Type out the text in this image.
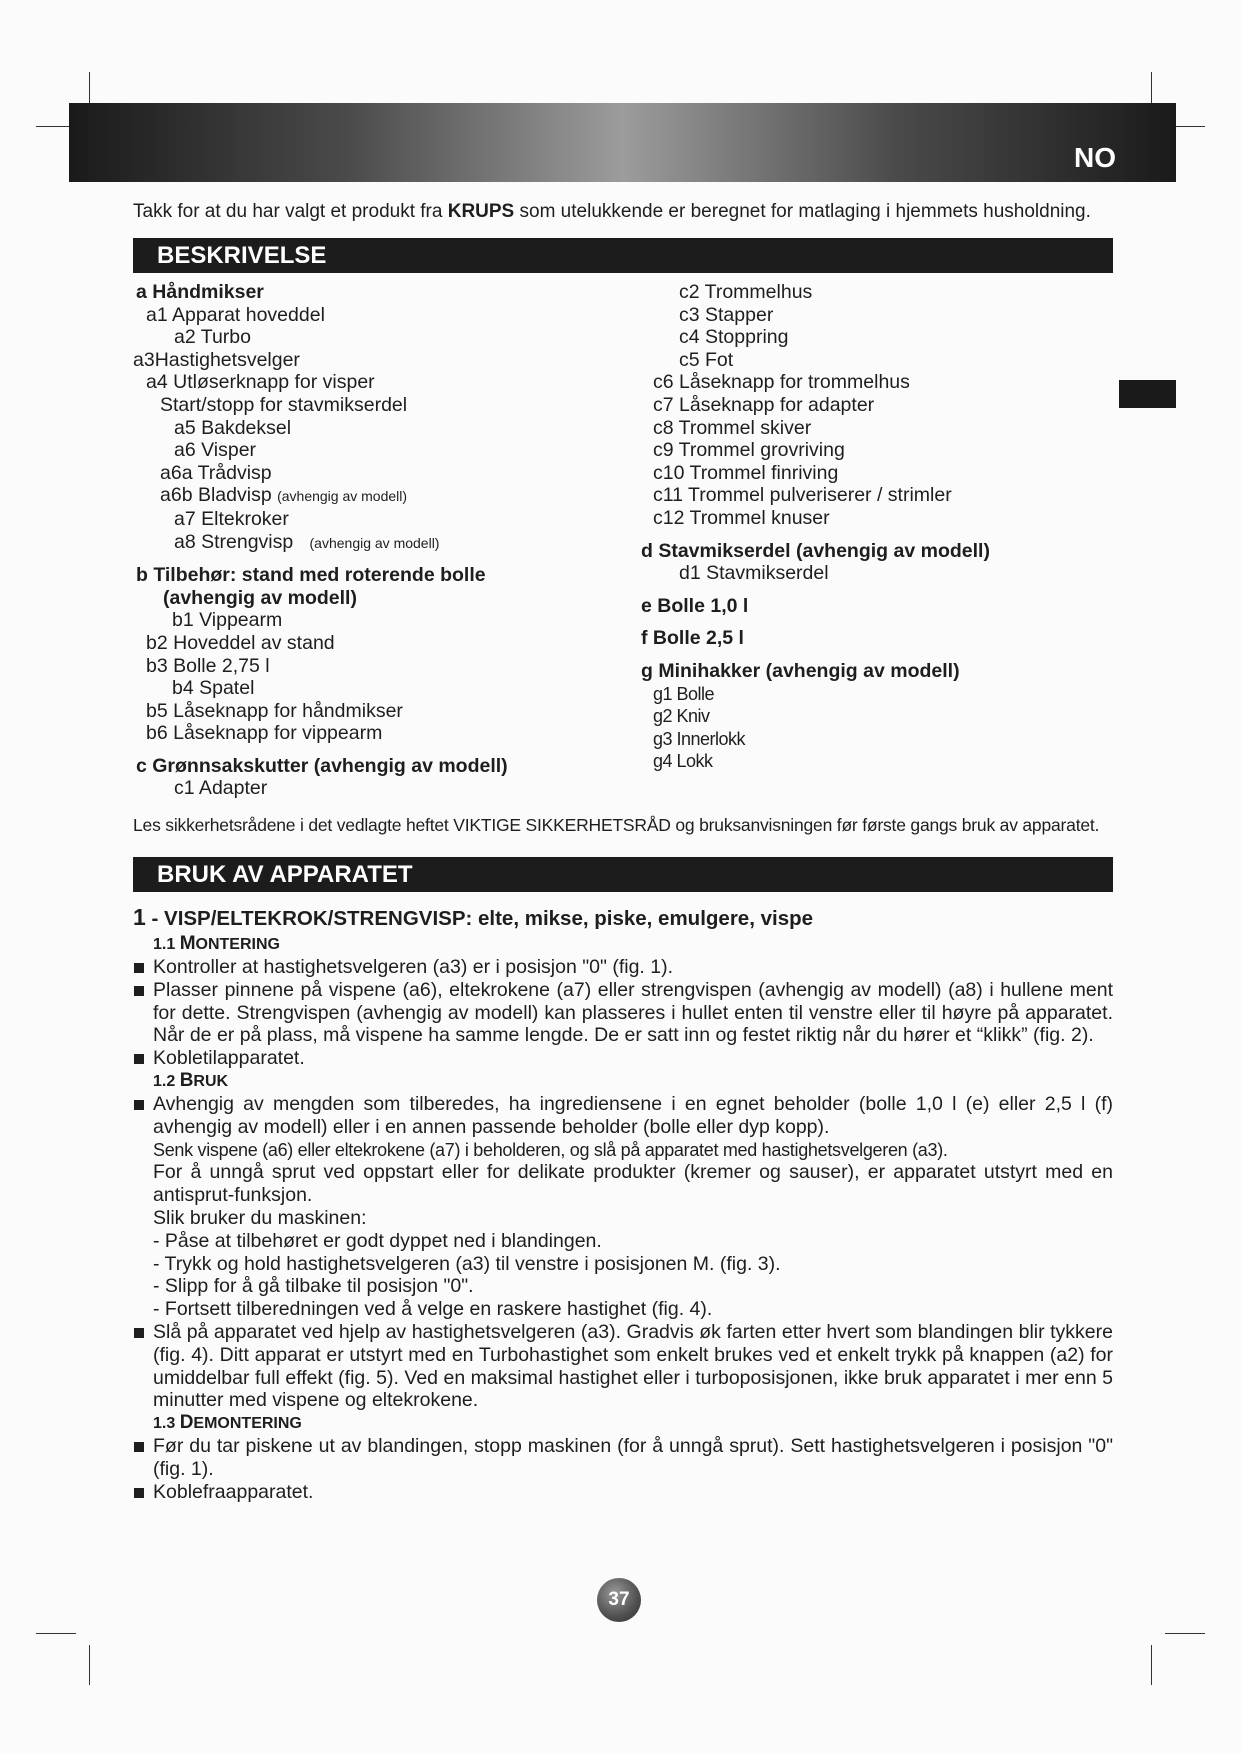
NO

Takk for at du har valgt et produkt fra KRUPS som utelukkende er beregnet for matlaging i hjemmets husholdning.

BESKRIVELSE
a Håndmikser
a1 Apparat hoveddel
a2 Turbo
a3Hastighetsvelger
a4 Utløserknapp for visper
Start/stopp for stavmikserdel
a5 Bakdeksel
a6 Visper
a6a Trådvisp
a6b Bladvisp (avhengig av modell)
a7 Eltekroker
a8 Strengvisp (avhengig av modell)
b Tilbehør: stand med roterende bolle
(avhengig av modell)
b1 Vippearm
b2 Hoveddel av stand
b3 Bolle 2,75 l
b4 Spatel
b5 Låseknapp for håndmikser
b6 Låseknapp for vippearm
c Grønnsakskutter (avhengig av modell)
c1 Adapter
c2 Trommelhus
c3 Stapper
c4 Stoppring
c5 Fot
c6 Låseknapp for trommelhus
c7 Låseknapp for adapter
c8 Trommel skiver
c9 Trommel grovriving
c10 Trommel finriving
c11 Trommel pulveriserer / strimler
c12 Trommel knuser
d Stavmikserdel (avhengig av modell)
d1 Stavmikserdel
e Bolle 1,0 l
f Bolle 2,5 l
g Minihakker (avhengig av modell)
g1 Bolle
g2 Kniv
g3 Innerlokk
g4 Lokk

Les sikkerhetsrådene i det vedlagte heftet VIKTIGE SIKKERHETSRÅD og bruksanvisningen før første gangs bruk av apparatet.

BRUK AV APPARATET
1 - VISP/ELTEKROK/STRENGVISP: elte, mikse, piske, emulgere, vispe
1.1 MONTERING
Kontroller at hastighetsvelgeren (a3) er i posisjon "0" (fig. 1).
Plasser pinnene på vispene (a6), eltekrokene (a7) eller strengvispen (avhengig av modell) (a8) i hullene ment for dette. Strengvispen (avhengig av modell) kan plasseres i hullet enten til venstre eller til høyre på apparatet. Når de er på plass, må vispene ha samme lengde. De er satt inn og festet riktig når du hører et “klikk” (fig. 2).
Kobletilapparatet.
1.2 BRUK
Avhengig av mengden som tilberedes, ha ingrediensene i en egnet beholder (bolle 1,0 l (e) eller 2,5 l (f) avhengig av modell) eller i en annen passende beholder (bolle eller dyp kopp).
Senk vispene (a6) eller eltekrokene (a7) i beholderen, og slå på apparatet med hastighetsvelgeren (a3).
For å unngå sprut ved oppstart eller for delikate produkter (kremer og sauser), er apparatet utstyrt med en antisprut-funksjon.
Slik bruker du maskinen:
- Påse at tilbehøret er godt dyppet ned i blandingen.
- Trykk og hold hastighetsvelgeren (a3) til venstre i posisjonen M. (fig. 3).
- Slipp for å gå tilbake til posisjon "0".
- Fortsett tilberedningen ved å velge en raskere hastighet (fig. 4).
Slå på apparatet ved hjelp av hastighetsvelgeren (a3). Gradvis øk farten etter hvert som blandingen blir tykkere (fig. 4). Ditt apparat er utstyrt med en Turbohastighet som enkelt brukes ved et enkelt trykk på knappen (a2) for umiddelbar full effekt (fig. 5). Ved en maksimal hastighet eller i turboposisjonen, ikke bruk apparatet i mer enn 5 minutter med vispene og eltekrokene.
1.3 DEMONTERING
Før du tar piskene ut av blandingen, stopp maskinen (for å unngå sprut). Sett hastighetsvelgeren i posisjon "0" (fig. 1).
Koblefraapparatet.
37
